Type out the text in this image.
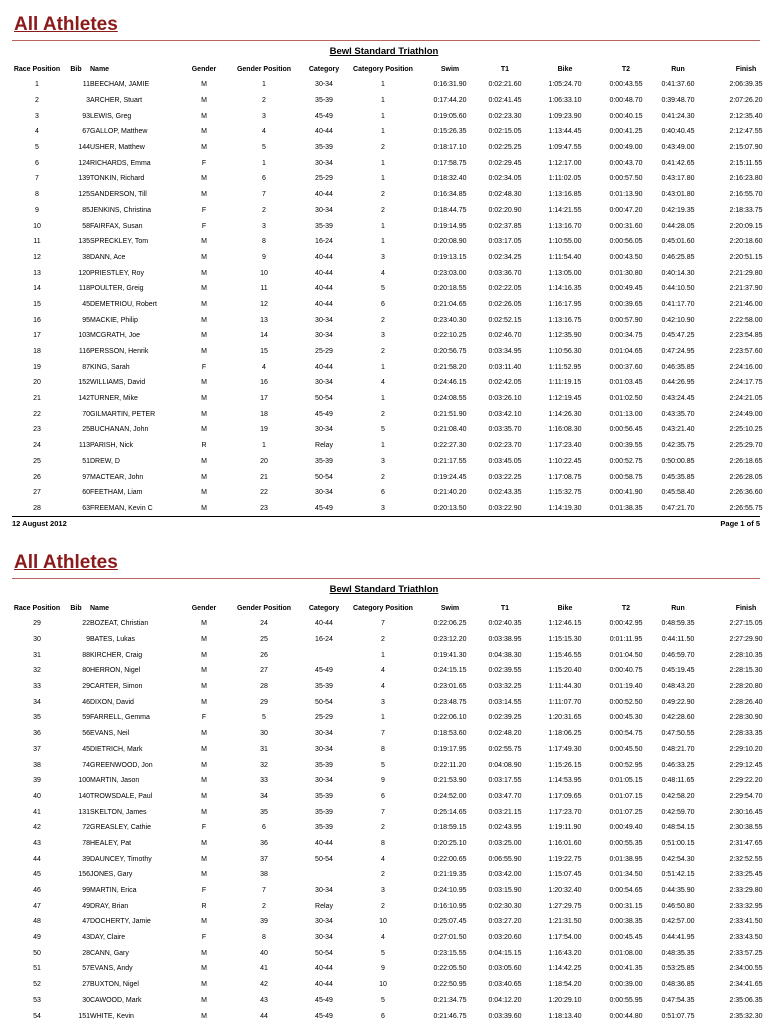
All Athletes
Bewl Standard Triathlon
Race Position	Bib	Name	Gender	Gender Position	Category	Category Position	Swim	T1	Bike	T2	Run	Finish
1	11	BEECHAM, JAMIE	M	1	30-34	1	0:16:31.90	0:02:21.60	1:05:24.70	0:00:43.55	0:41:37.60	2:06:39.35
2	3	ARCHER, Stuart	M	2	35-39	1	0:17:44.20	0:02:41.45	1:06:33.10	0:00:48.70	0:39:48.70	2:07:26.20
3	93	LEWIS, Greg	M	3	45-49	1	0:19:05.60	0:02:23.30	1:09:23.90	0:00:40.15	0:41:24.30	2:12:35.40
4	67	GALLOP, Matthew	M	4	40-44	1	0:15:26.35	0:02:15.05	1:13:44.45	0:00:41.25	0:40:40.45	2:12:47.55
5	144	USHER, Matthew	M	5	35-39	2	0:18:17.10	0:02:25.25	1:09:47.55	0:00:49.00	0:43:49.00	2:15:07.90
6	124	RICHARDS, Emma	F	1	30-34	1	0:17:58.75	0:02:29.45	1:12:17.00	0:00:43.70	0:41:42.65	2:15:11.55
7	139	TONKIN, Richard	M	6	25-29	1	0:18:32.40	0:02:34.05	1:11:02.05	0:00:57.50	0:43:17.80	2:16:23.80
8	125	SANDERSON, Till	M	7	40-44	2	0:16:34.85	0:02:48.30	1:13:16.85	0:01:13.90	0:43:01.80	2:16:55.70
9	85	JENKINS, Christina	F	2	30-34	2	0:18:44.75	0:02:20.90	1:14:21.55	0:00:47.20	0:42:19.35	2:18:33.75
10	58	FAIRFAX, Susan	F	3	35-39	1	0:19:14.95	0:02:37.85	1:13:16.70	0:00:31.60	0:44:28.05	2:20:09.15
11	135	SPRECKLEY, Tom	M	8	16-24	1	0:20:08.90	0:03:17.05	1:10:55.00	0:00:56.05	0:45:01.60	2:20:18.60
12	38	DANN, Ace	M	9	40-44	3	0:19:13.15	0:02:34.25	1:11:54.40	0:00:43.50	0:46:25.85	2:20:51.15
13	120	PRIESTLEY, Roy	M	10	40-44	4	0:23:03.00	0:03:36.70	1:13:05.00	0:01:30.80	0:40:14.30	2:21:29.80
14	118	POULTER, Greig	M	11	40-44	5	0:20:18.55	0:02:22.05	1:14:16.35	0:00:49.45	0:44:10.50	2:21:37.90
15	45	DEMETRIOU, Robert	M	12	40-44	6	0:21:04.65	0:02:26.05	1:16:17.95	0:00:39.65	0:41:17.70	2:21:46.00
16	95	MACKIE, Philip	M	13	30-34	2	0:23:40.30	0:02:52.15	1:13:16.75	0:00:57.90	0:42:10.90	2:22:58.00
17	103	MCGRATH, Joe	M	14	30-34	3	0:22:10.25	0:02:46.70	1:12:35.90	0:00:34.75	0:45:47.25	2:23:54.85
18	116	PERSSON, Henrik	M	15	25-29	2	0:20:56.75	0:03:34.95	1:10:56.30	0:01:04.65	0:47:24.95	2:23:57.60
19	87	KING, Sarah	F	4	40-44	1	0:21:58.20	0:03:11.40	1:11:52.95	0:00:37.60	0:46:35.85	2:24:16.00
20	152	WILLIAMS, David	M	16	30-34	4	0:24:46.15	0:02:42.05	1:11:19.15	0:01:03.45	0:44:26.95	2:24:17.75
21	142	TURNER, Mike	M	17	50-54	1	0:24:08.55	0:03:26.10	1:12:19.45	0:01:02.50	0:43:24.45	2:24:21.05
22	70	GILMARTIN, PETER	M	18	45-49	2	0:21:51.90	0:03:42.10	1:14:26.30	0:01:13.00	0:43:35.70	2:24:49.00
23	25	BUCHANAN, John	M	19	30-34	5	0:21:08.40	0:03:35.70	1:16:08.30	0:00:56.45	0:43:21.40	2:25:10.25
24	113	PARISH, Nick	R	1	Relay	1	0:22:27.30	0:02:23.70	1:17:23.40	0:00:39.55	0:42:35.75	2:25:29.70
25	51	DREW, D	M	20	35-39	3	0:21:17.55	0:03:45.05	1:10:22.45	0:00:52.75	0:50:00.85	2:26:18.65
26	97	MACTEAR, John	M	21	50-54	2	0:19:24.45	0:03:22.25	1:17:08.75	0:00:58.75	0:45:35.85	2:26:28.05
27	60	FEETHAM, Liam	M	22	30-34	6	0:21:40.20	0:02:43.35	1:15:32.75	0:00:41.90	0:45:58.40	2:26:36.60
28	63	FREEMAN, Kevin C	M	23	45-49	3	0:20:13.50	0:03:22.90	1:14:19.30	0:01:38.35	0:47:21.70	2:26:55.75
12 August 2012	Page 1 of 5
All Athletes
Bewl Standard Triathlon
Race Position	Bib	Name	Gender	Gender Position	Category	Category Position	Swim	T1	Bike	T2	Run	Finish
29	22	BOZEAT, Christian	M	24	40-44	7	0:22:06.25	0:02:40.35	1:12:46.15	0:00:42.95	0:48:59.35	2:27:15.05
30	9	BATES, Lukas	M	25	16-24	2	0:23:12.20	0:03:38.95	1:15:15.30	0:01:11.95	0:44:11.50	2:27:29.90
31	88	KIRCHER, Craig	M	26		1	0:19:41.30	0:04:38.30	1:15:46.55	0:01:04.50	0:46:59.70	2:28:10.35
32	80	HERRON, Nigel	M	27	45-49	4	0:24:15.15	0:02:39.55	1:15:20.40	0:00:40.75	0:45:19.45	2:28:15.30
33	29	CARTER, Simon	M	28	35-39	4	0:23:01.65	0:03:32.25	1:11:44.30	0:01:19.40	0:48:43.20	2:28:20.80
34	46	DIXON, David	M	29	50-54	3	0:23:48.75	0:03:14.55	1:11:07.70	0:00:52.50	0:49:22.90	2:28:26.40
35	59	FARRELL, Gemma	F	5	25-29	1	0:22:06.10	0:02:39.25	1:20:31.65	0:00:45.30	0:42:28.60	2:28:30.90
36	56	EVANS, Neil	M	30	30-34	7	0:18:53.60	0:02:48.20	1:18:06.25	0:00:54.75	0:47:50.55	2:28:33.35
37	45	DIETRICH, Mark	M	31	30-34	8	0:19:17.95	0:02:55.75	1:17:49.30	0:00:45.50	0:48:21.70	2:29:10.20
38	74	GREENWOOD, Jon	M	32	35-39	5	0:22:11.20	0:04:08.90	1:15:26.15	0:00:52.95	0:46:33.25	2:29:12.45
39	100	MARTIN, Jason	M	33	30-34	9	0:21:53.90	0:03:17.55	1:14:53.95	0:01:05.15	0:48:11.65	2:29:22.20
40	140	TROWSDALE, Paul	M	34	35-39	6	0:24:52.00	0:03:47.70	1:17:09.65	0:01:07.15	0:42:58.20	2:29:54.70
41	131	SKELTON, James	M	35	35-39	7	0:25:14.65	0:03:21.15	1:17:23.70	0:01:07.25	0:42:59.70	2:30:16.45
42	72	GREASLEY, Cathie	F	6	35-39	2	0:18:59.15	0:02:43.95	1:19:11.90	0:00:49.40	0:48:54.15	2:30:38.55
43	78	HEALEY, Pat	M	36	40-44	8	0:20:25.10	0:03:25.00	1:16:01.60	0:00:55.35	0:51:00.15	2:31:47.65
44	39	DAUNCEY, Timothy	M	37	50-54	4	0:22:00.65	0:06:55.90	1:19:22.75	0:01:38.95	0:42:54.30	2:32:52.55
45	156	JONES, Gary	M	38		2	0:21:19.35	0:03:42.00	1:15:07.45	0:01:34.50	0:51:42.15	2:33:25.45
46	99	MARTIN, Erica	F	7	30-34	3	0:24:10.95	0:03:15.90	1:20:32.40	0:00:54.65	0:44:35.90	2:33:29.80
47	49	DRAY, Brian	R	2	Relay	2	0:16:10.95	0:02:30.30	1:27:29.75	0:00:31.15	0:46:50.80	2:33:32.95
48	47	DOCHERTY, Jamie	M	39	30-34	10	0:25:07.45	0:03:27.20	1:21:31.50	0:00:38.35	0:42:57.00	2:33:41.50
49	43	DAY, Claire	F	8	30-34	4	0:27:01.50	0:03:20.60	1:17:54.00	0:00:45.45	0:44:41.95	2:33:43.50
50	28	CANN, Gary	M	40	50-54	5	0:23:15.55	0:04:15.15	1:16:43.20	0:01:08.00	0:48:35.35	2:33:57.25
51	57	EVANS, Andy	M	41	40-44	9	0:22:05.50	0:03:05.60	1:14:42.25	0:00:41.35	0:53:25.85	2:34:00.55
52	27	BUXTON, Nigel	M	42	40-44	10	0:22:50.95	0:03:40.65	1:18:54.20	0:00:39.00	0:48:36.85	2:34:41.65
53	30	CAWOOD, Mark	M	43	45-49	5	0:21:34.75	0:04:12.20	1:20:29.10	0:00:55.95	0:47:54.35	2:35:06.35
54	151	WHITE, Kevin	M	44	45-49	6	0:21:46.75	0:03:39.60	1:18:13.40	0:00:44.80	0:51:07.75	2:35:32.30
